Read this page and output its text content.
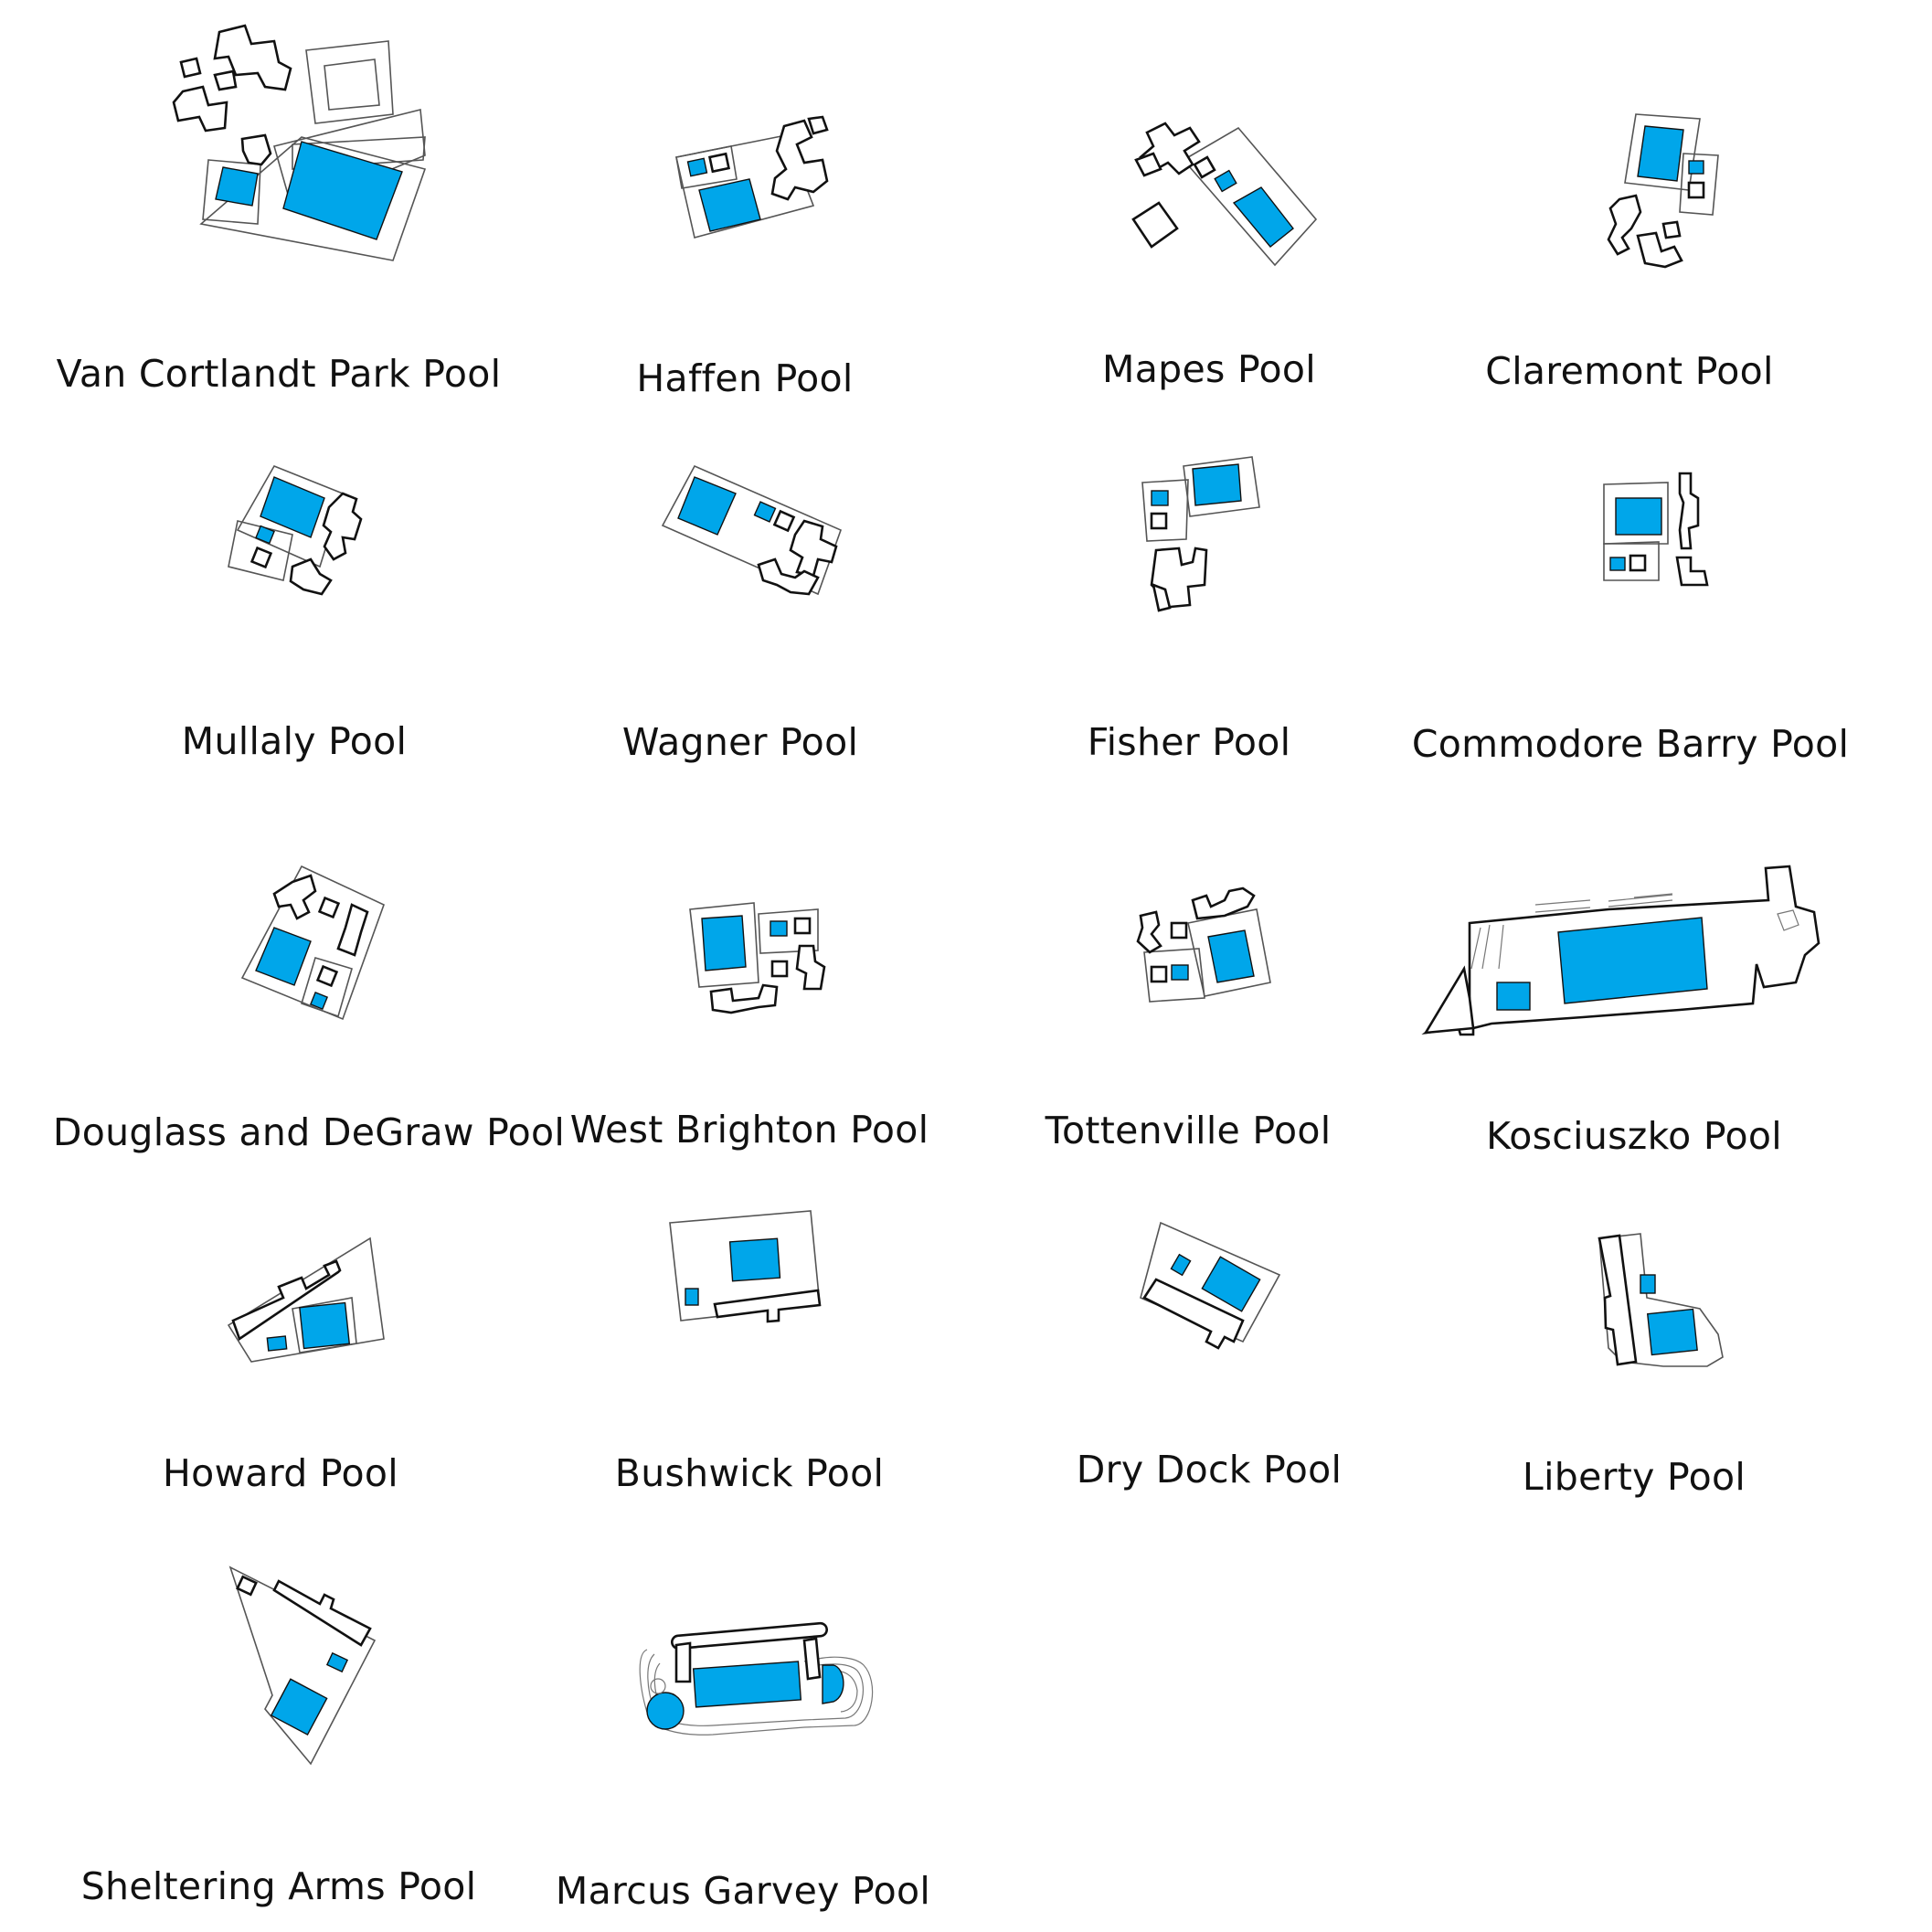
Van Cortlandt Park Pool	Haffen Pool	Mapes Pool	Claremont Pool
Mullaly Pool	Wagner Pool	Fisher Pool	Commodore Barry Pool
Douglass and DeGraw Pool West Brighton Pool	Tottenville Pool	Kosciuszko Pool
Howard Pool	Bushwick Pool	Dry Dock Pool	Liberty Pool
Sheltering Arms Pool Marcus Garvey Pool
